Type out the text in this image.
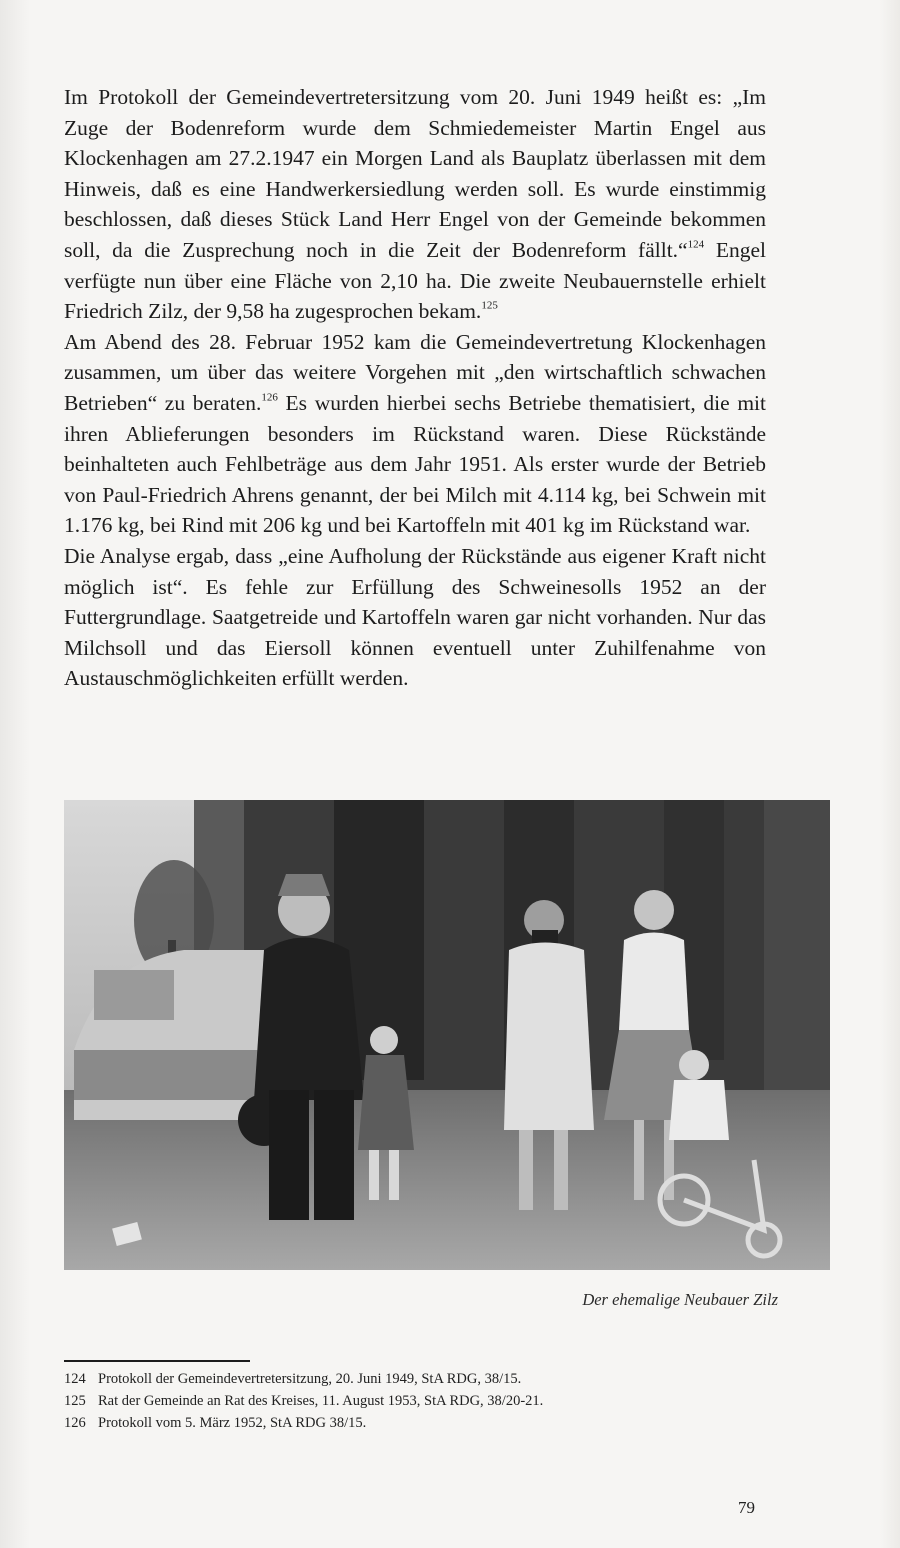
Im Protokoll der Gemeindevertretersitzung vom 20. Juni 1949 heißt es: „Im Zuge der Bodenreform wurde dem Schmiedemeister Martin Engel aus Klockenhagen am 27.2.1947 ein Morgen Land als Bauplatz überlassen mit dem Hinweis, daß es eine Handwerkersiedlung werden soll. Es wurde einstimmig beschlossen, daß dieses Stück Land Herr Engel von der Gemeinde bekommen soll, da die Zusprechung noch in die Zeit der Bodenreform fällt.“$^{124}$ Engel verfügte nun über eine Fläche von 2,10 ha. Die zweite Neubauernstelle erhielt Friedrich Zilz, der 9,58 ha zugesprochen bekam.$^{125}$

Am Abend des 28. Februar 1952 kam die Gemeindevertretung Klockenhagen zusammen, um über das weitere Vorgehen mit „den wirtschaftlich schwachen Betrieben“ zu beraten.$^{126}$ Es wurden hierbei sechs Betriebe thematisiert, die mit ihren Ablieferungen besonders im Rückstand waren. Diese Rückstände beinhalteten auch Fehlbeträge aus dem Jahr 1951. Als erster wurde der Betrieb von Paul-Friedrich Ahrens genannt, der bei Milch mit 4.114 kg, bei Schwein mit 1.176 kg, bei Rind mit 206 kg und bei Kartoffeln mit 401 kg im Rückstand war.

Die Analyse ergab, dass „eine Aufholung der Rückstände aus eigener Kraft nicht möglich ist“. Es fehle zur Erfüllung des Schweinesolls 1952 an der Futtergrundlage. Saatgetreide und Kartoffeln waren gar nicht vorhanden. Nur das Milchsoll und das Eiersoll können eventuell unter Zuhilfenahme von Austauschmöglichkeiten erfüllt werden.

Der ehemalige Neubauer Zilz
124 Protokoll der Gemeindevertretersitzung, 20. Juni 1949, StA RDG, 38/15.
125 Rat der Gemeinde an Rat des Kreises, 11. August 1953, StA RDG, 38/20-21.
126 Protokoll vom 5. März 1952, StA RDG 38/15.
79
